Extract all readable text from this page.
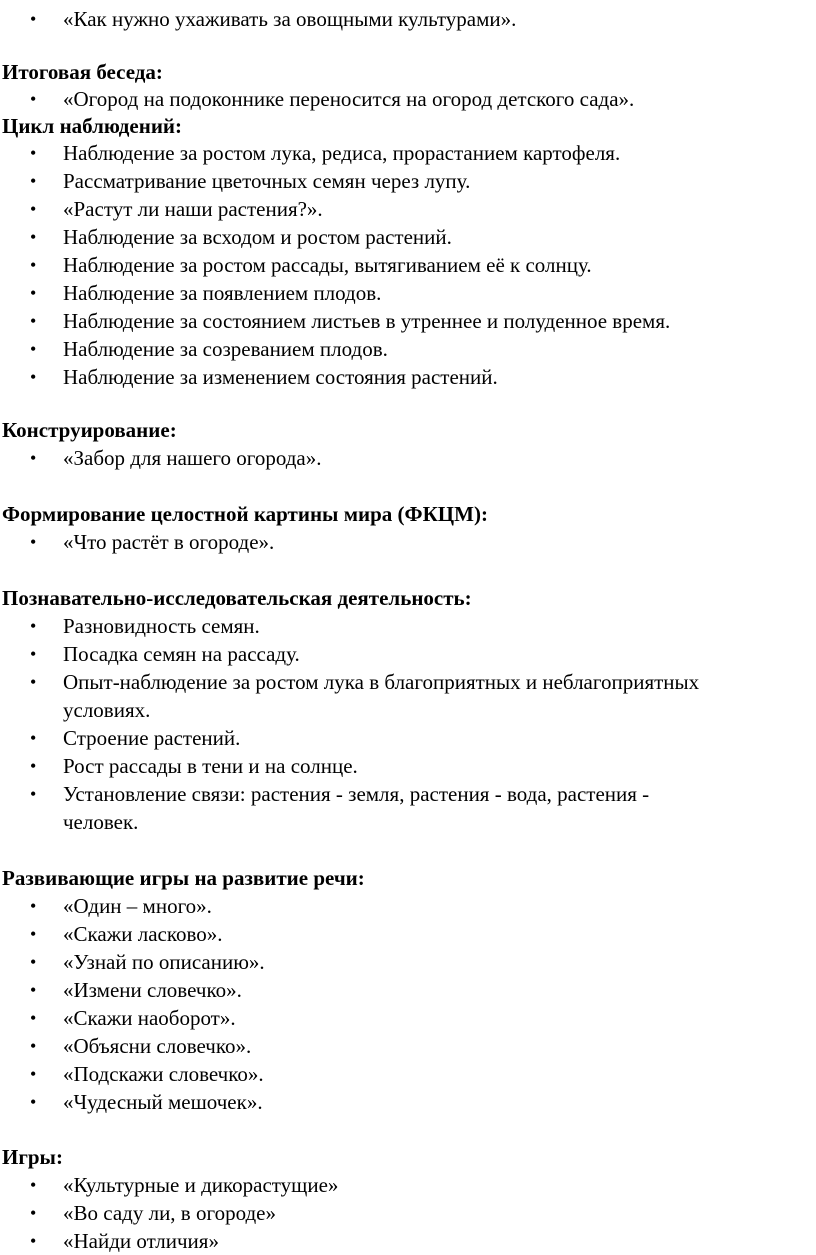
• «Как нужно ухаживать за овощными культурами».
Итоговая беседа:
• «Огород на подоконнике переносится на огород детского сада».
Цикл наблюдений:
• Наблюдение за ростом лука, редиса, прорастанием картофеля.
• Рассматривание цветочных семян через лупу.
• «Растут ли наши растения?».
• Наблюдение за всходом и ростом растений.
• Наблюдение за ростом рассады, вытягиванием её к солнцу.
• Наблюдение за появлением плодов.
• Наблюдение за состоянием листьев в утреннее и полуденное время.
• Наблюдение за созреванием плодов.
• Наблюдение за изменением состояния растений.
Конструирование:
• «Забор для нашего огорода».
Формирование целостной картины мира (ФКЦМ):
• «Что растёт в огороде».
Познавательно-исследовательская деятельность:
• Разновидность семян.
• Посадка семян на рассаду.
• Опыт-наблюдение за ростом лука в благоприятных и неблагоприятных
условиях.
• Строение растений.
• Рост рассады в тени и на солнце.
• Установление связи: растения - земля, растения - вода, растения -
человек.
Развивающие игры на развитие речи:
• «Один – много».
• «Скажи ласково».
• «Узнай по описанию».
• «Измени словечко».
• «Скажи наоборот».
• «Объясни словечко».
• «Подскажи словечко».
• «Чудесный мешочек».
Игры:
• «Культурные и дикорастущие»
• «Во саду ли, в огороде»
• «Найди отличия»
